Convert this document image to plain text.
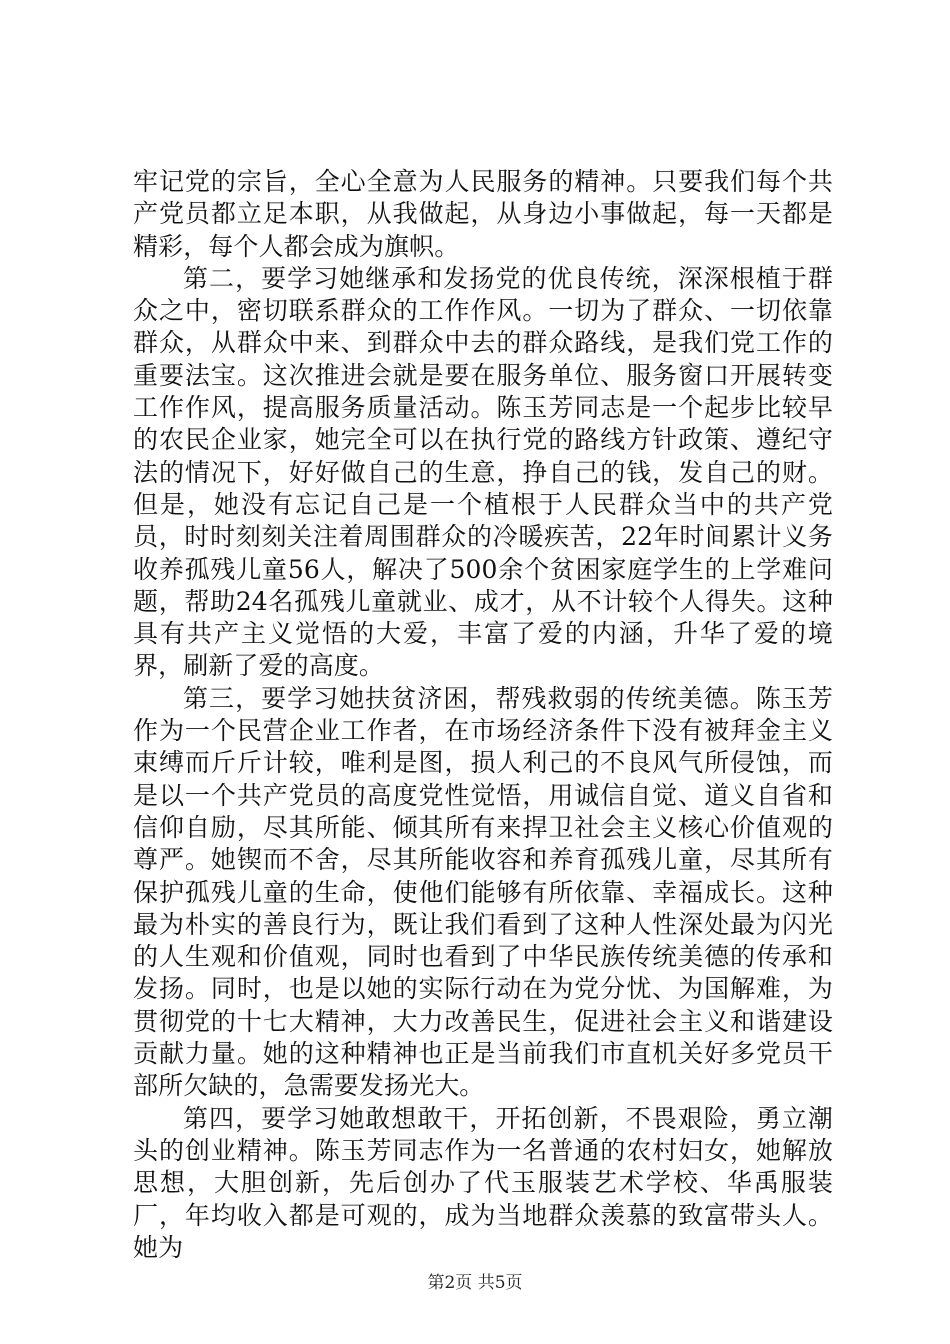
牢记党的宗旨，全心全意为人民服务的精神。只要我们每个共产党员都立足本职，从我做起，从身边小事做起，每一天都是精彩，每个人都会成为旗帜。

第二，要学习她继承和发扬党的优良传统，深深根植于群众之中，密切联系群众的工作作风。一切为了群众、一切依靠群众，从群众中来、到群众中去的群众路线，是我们党工作的重要法宝。这次推进会就是要在服务单位、服务窗口开展转变工作作风，提高服务质量活动。陈玉芳同志是一个起步比较早的农民企业家，她完全可以在执行党的路线方针政策、遵纪守法的情况下，好好做自己的生意，挣自己的钱，发自己的财。但是，她没有忘记自己是一个植根于人民群众当中的共产党员，时时刻刻关注着周围群众的冷暖疾苦，22年时间累计义务收养孤残儿童56人，解决了500余个贫困家庭学生的上学难问题，帮助24名孤残儿童就业、成才，从不计较个人得失。这种具有共产主义觉悟的大爱，丰富了爱的内涵，升华了爱的境界，刷新了爱的高度。

第三，要学习她扶贫济困，帮残救弱的传统美德。陈玉芳作为一个民营企业工作者，在市场经济条件下没有被拜金主义束缚而斤斤计较，唯利是图，损人利己的不良风气所侵蚀，而是以一个共产党员的高度党性觉悟，用诚信自觉、道义自省和信仰自励，尽其所能、倾其所有来捍卫社会主义核心价值观的尊严。她锲而不舍，尽其所能收容和养育孤残儿童，尽其所有保护孤残儿童的生命，使他们能够有所依靠、幸福成长。这种最为朴实的善良行为，既让我们看到了这种人性深处最为闪光的人生观和价值观，同时也看到了中华民族传统美德的传承和发扬。同时，也是以她的实际行动在为党分忧、为国解难，为贯彻党的十七大精神，大力改善民生，促进社会主义和谐建设贡献力量。她的这种精神也正是当前我们市直机关好多党员干部所欠缺的，急需要发扬光大。

第四，要学习她敢想敢干，开拓创新，不畏艰险，勇立潮头的创业精神。陈玉芳同志作为一名普通的农村妇女，她解放思想，大胆创新，先后创办了代玉服装艺术学校、华禹服装厂，年均收入都是可观的，成为当地群众羡慕的致富带头人。她为

第2页 共5页
